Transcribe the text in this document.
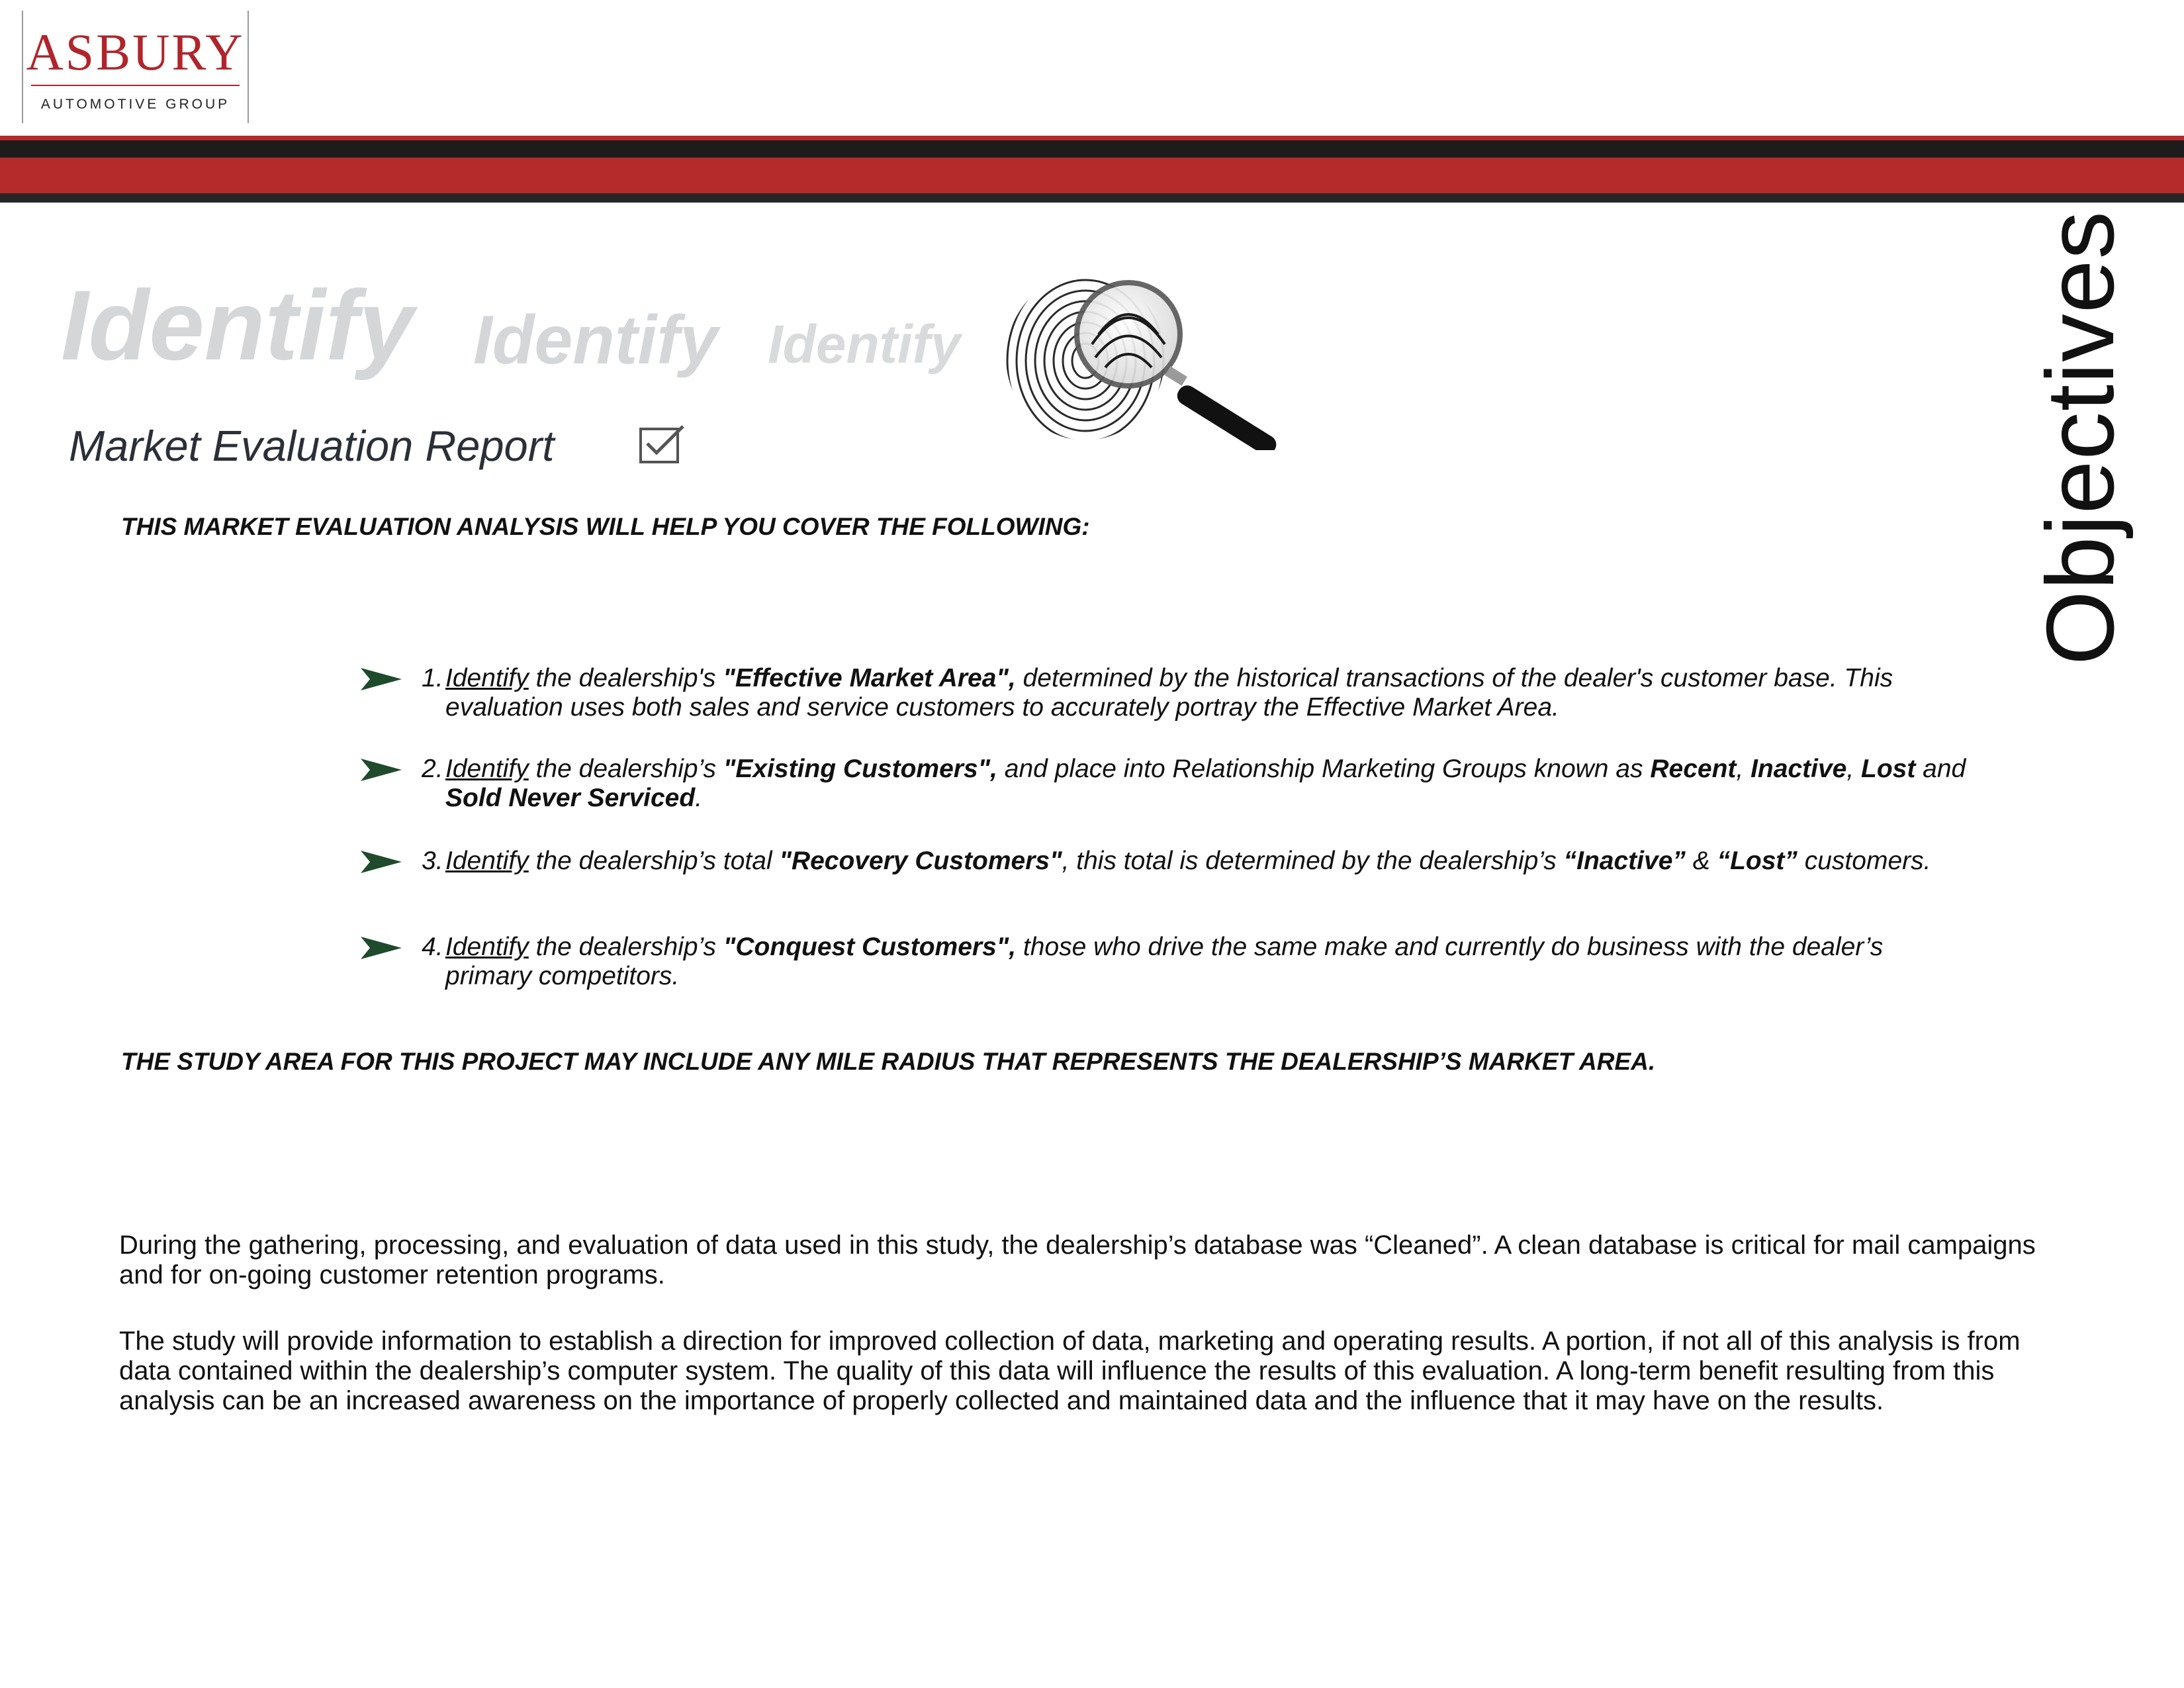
ASBURY
AUTOMOTIVE GROUP
Identify Identify Identify
Market Evaluation Report
THIS MARKET EVALUATION ANALYSIS WILL HELP YOU COVER THE FOLLOWING:
1. Identify the dealership's "Effective Market Area", determined by the historical transactions of the dealer's customer base. This evaluation uses both sales and service customers to accurately portray the Effective Market Area.
2. Identify the dealership’s "Existing Customers", and place into Relationship Marketing Groups known as Recent, Inactive, Lost and Sold Never Serviced.
3. Identify the dealership’s total "Recovery Customers", this total is determined by the dealership’s “Inactive” & “Lost” customers.
4. Identify the dealership’s "Conquest Customers", those who drive the same make and currently do business with the dealer’s primary competitors.
THE STUDY AREA FOR THIS PROJECT MAY INCLUDE ANY MILE RADIUS THAT REPRESENTS THE DEALERSHIP’S MARKET AREA.
Objectives
During the gathering, processing, and evaluation of data used in this study, the dealership’s database was “Cleaned”. A clean database is critical for mail campaigns and for on-going customer retention programs.
The study will provide information to establish a direction for improved collection of data, marketing and operating results. A portion, if not all of this analysis is from data contained within the dealership’s computer system. The quality of this data will influence the results of this evaluation. A long-term benefit resulting from this analysis can be an increased awareness on the importance of properly collected and maintained data and the influence that it may have on the results.
